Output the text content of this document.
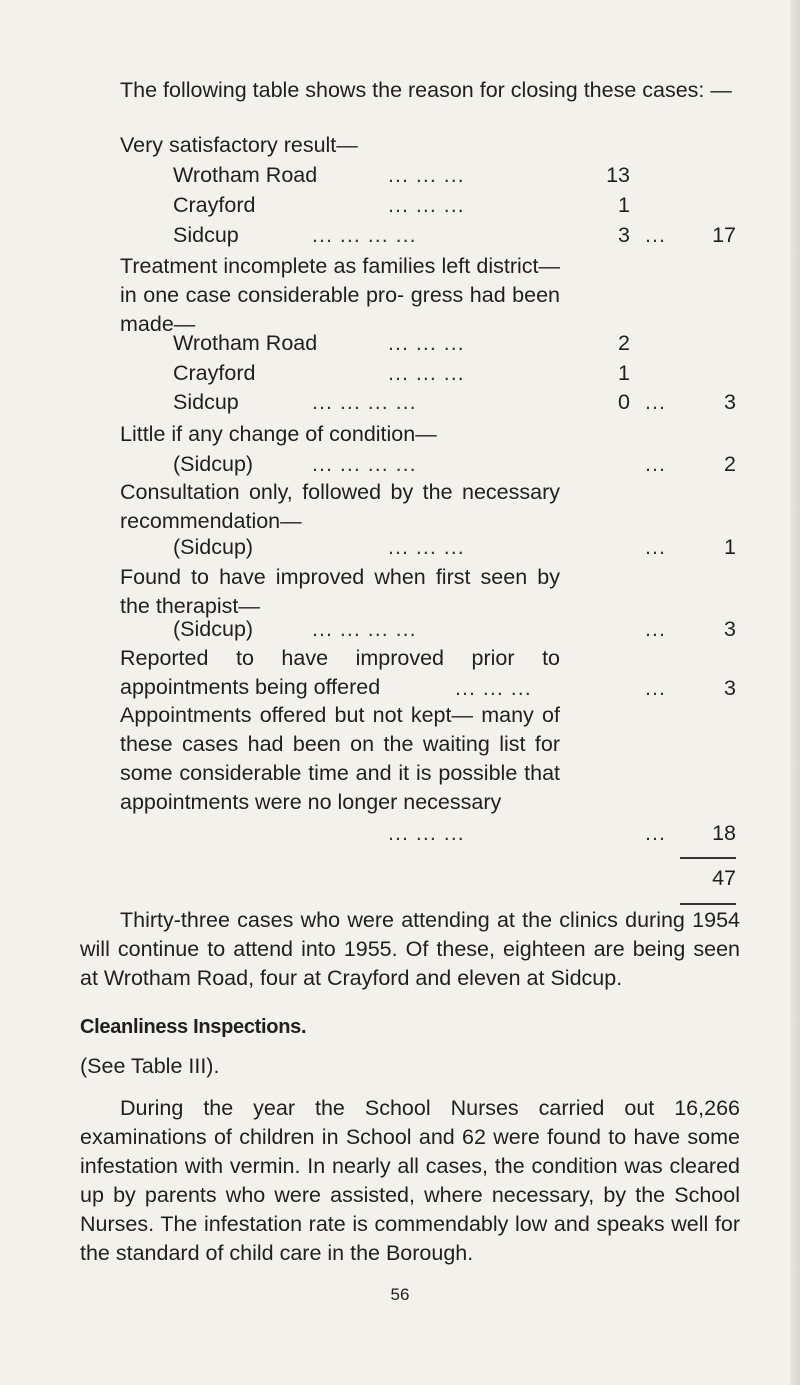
The following table shows the reason for closing these cases: —
Very satisfactory result—
Wrotham Road	... ... ...	13
Crayford	... ... ...	1
Sidcup	... ... ... ...	3 ...	17
Treatment incomplete as families left district—in one case considerable pro- gress had been made—
Wrotham Road	... ... ...	2
Crayford	... ... ...	1
Sidcup	... ... ... ...	0 ...	3
Little if any change of condition—
(Sidcup)	... ... ... ...	...	2
Consultation only, followed by the necessary recommendation—
(Sidcup)	... ... ...	...	1
Found to have improved when first seen by the therapist—
(Sidcup)	... ... ... ...	...	3
Reported to have improved prior to appointments being offered	... ... ...	...	3
Appointments offered but not kept— many of these cases had been on the waiting list for some considerable time and it is possible that appointments were no longer necessary
... ... ...	...	18
47
Thirty-three cases who were attending at the clinics during 1954 will continue to attend into 1955. Of these, eighteen are being seen at Wrotham Road, four at Crayford and eleven at Sidcup.
Cleanliness Inspections.
(See Table III).
During the year the School Nurses carried out 16,266 examinations of children in School and 62 were found to have some infestation with vermin. In nearly all cases, the condition was cleared up by parents who were assisted, where necessary, by the School Nurses. The infestation rate is commendably low and speaks well for the standard of child care in the Borough.
56
